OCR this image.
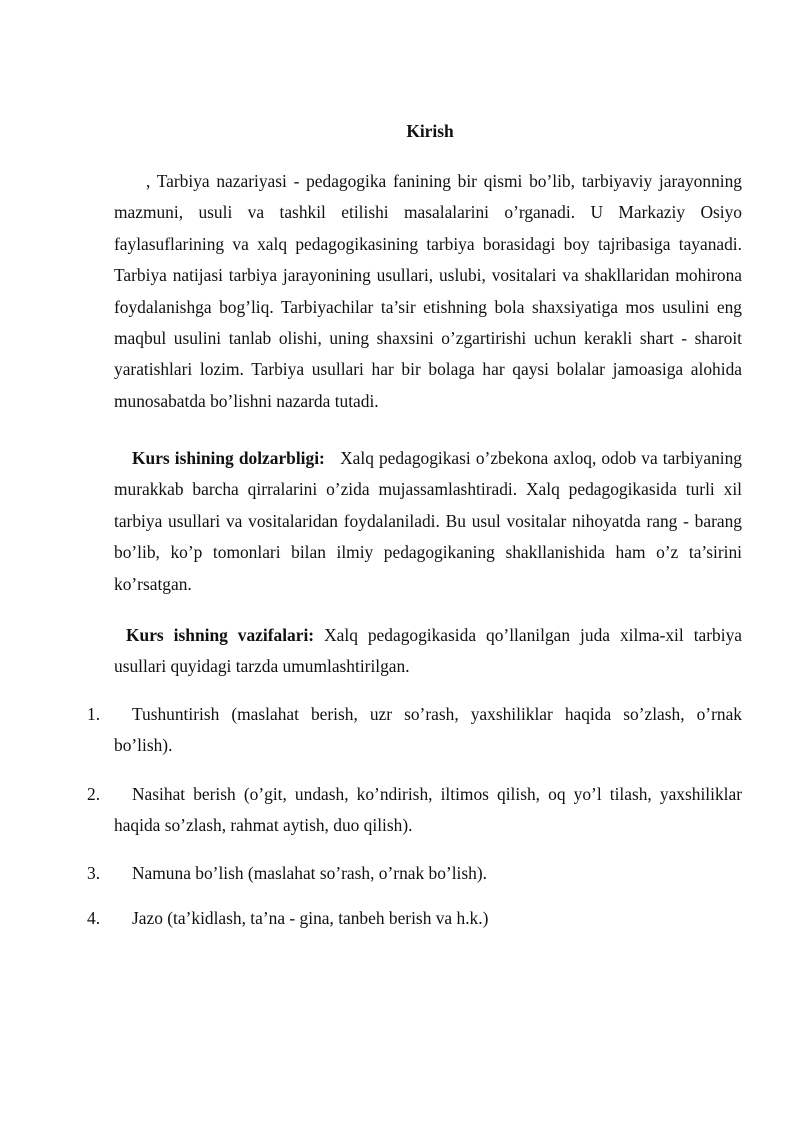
Kirish

, Tarbiya nazariyasi - pedagogika fanining bir qismi bo’lib, tarbiyaviy jarayonning mazmuni, usuli va tashkil etilishi masalalarini o’rganadi. U Markaziy Osiyo faylasuflarining va xalq pedagogikasining tarbiya borasidagi boy tajribasiga tayanadi. Tarbiya natijasi tarbiya jarayonining usullari, uslubi, vositalari va shakllaridan mohirona foydalanishga bog’liq. Tarbiyachilar ta’sir etishning bola shaxsiyatiga mos usulini eng maqbul usulini tanlab olishi, uning shaxsini o’zgartirishi uchun kerakli shart - sharoit yaratishlari lozim. Tarbiya usullari har bir bolaga har qaysi bolalar jamoasiga alohida munosabatda bo’lishni nazarda tutadi.

Kurs ishining dolzarbligi: Xalq pedagogikasi o’zbekona axloq, odob va tarbiyaning murakkab barcha qirralarini o’zida mujassamlashtiradi. Xalq pedagogikasida turli xil tarbiya usullari va vositalaridan foydalaniladi. Bu usul vositalar nihoyatda rang - barang bo’lib, ko’p tomonlari bilan ilmiy pedagogikaning shakllanishida ham o’z ta’sirini ko’rsatgan.

Kurs ishning vazifalari: Xalq pedagogikasida qo’llanilgan juda xilma-xil tarbiya usullari quyidagi tarzda umumlashtirilgan.

1.	Tushuntirish (maslahat berish, uzr so’rash, yaxshiliklar haqida so’zlash, o’rnak bo’lish).
2.	Nasihat berish (o’git, undash, ko’ndirish, iltimos qilish, oq yo’l tilash, yaxshiliklar haqida so’zlash, rahmat aytish, duo qilish).
3.	Namuna bo’lish (maslahat so’rash, o’rnak bo’lish).
4.	Jazo (ta’kidlash, ta’na - gina, tanbeh berish va h.k.)
